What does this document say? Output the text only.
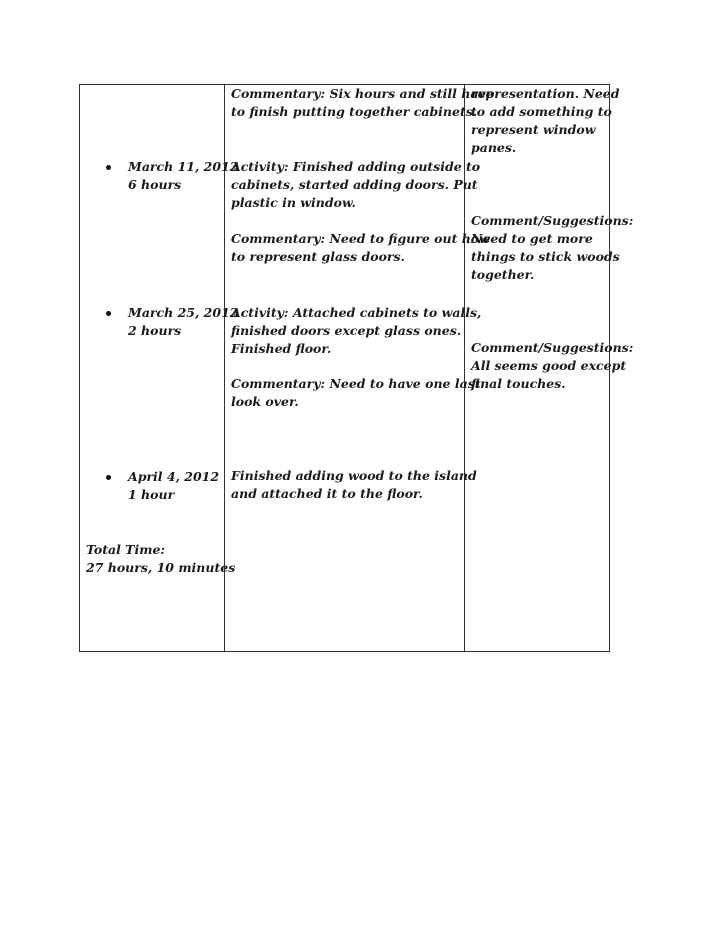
March 11, 2012
6 hours
March 25, 2012
2 hours
April 4, 2012
1 hour
Total Time:
27 hours, 10 minutes
Commentary: Six hours and still have
to finish putting together cabinets.
Activity: Finished adding outside to
cabinets, started adding doors. Put
plastic in window.
Commentary: Need to figure out how
to represent glass doors.
Activity: Attached cabinets to walls,
finished doors except glass ones.
Finished floor.
Commentary: Need to have one last
look over.
Finished adding wood to the island
and attached it to the floor.
representation. Need
to add something to
represent window
panes.
Comment/Suggestions:
Need to get more
things to stick woods
together.
Comment/Suggestions:
All seems good except
final touches.
